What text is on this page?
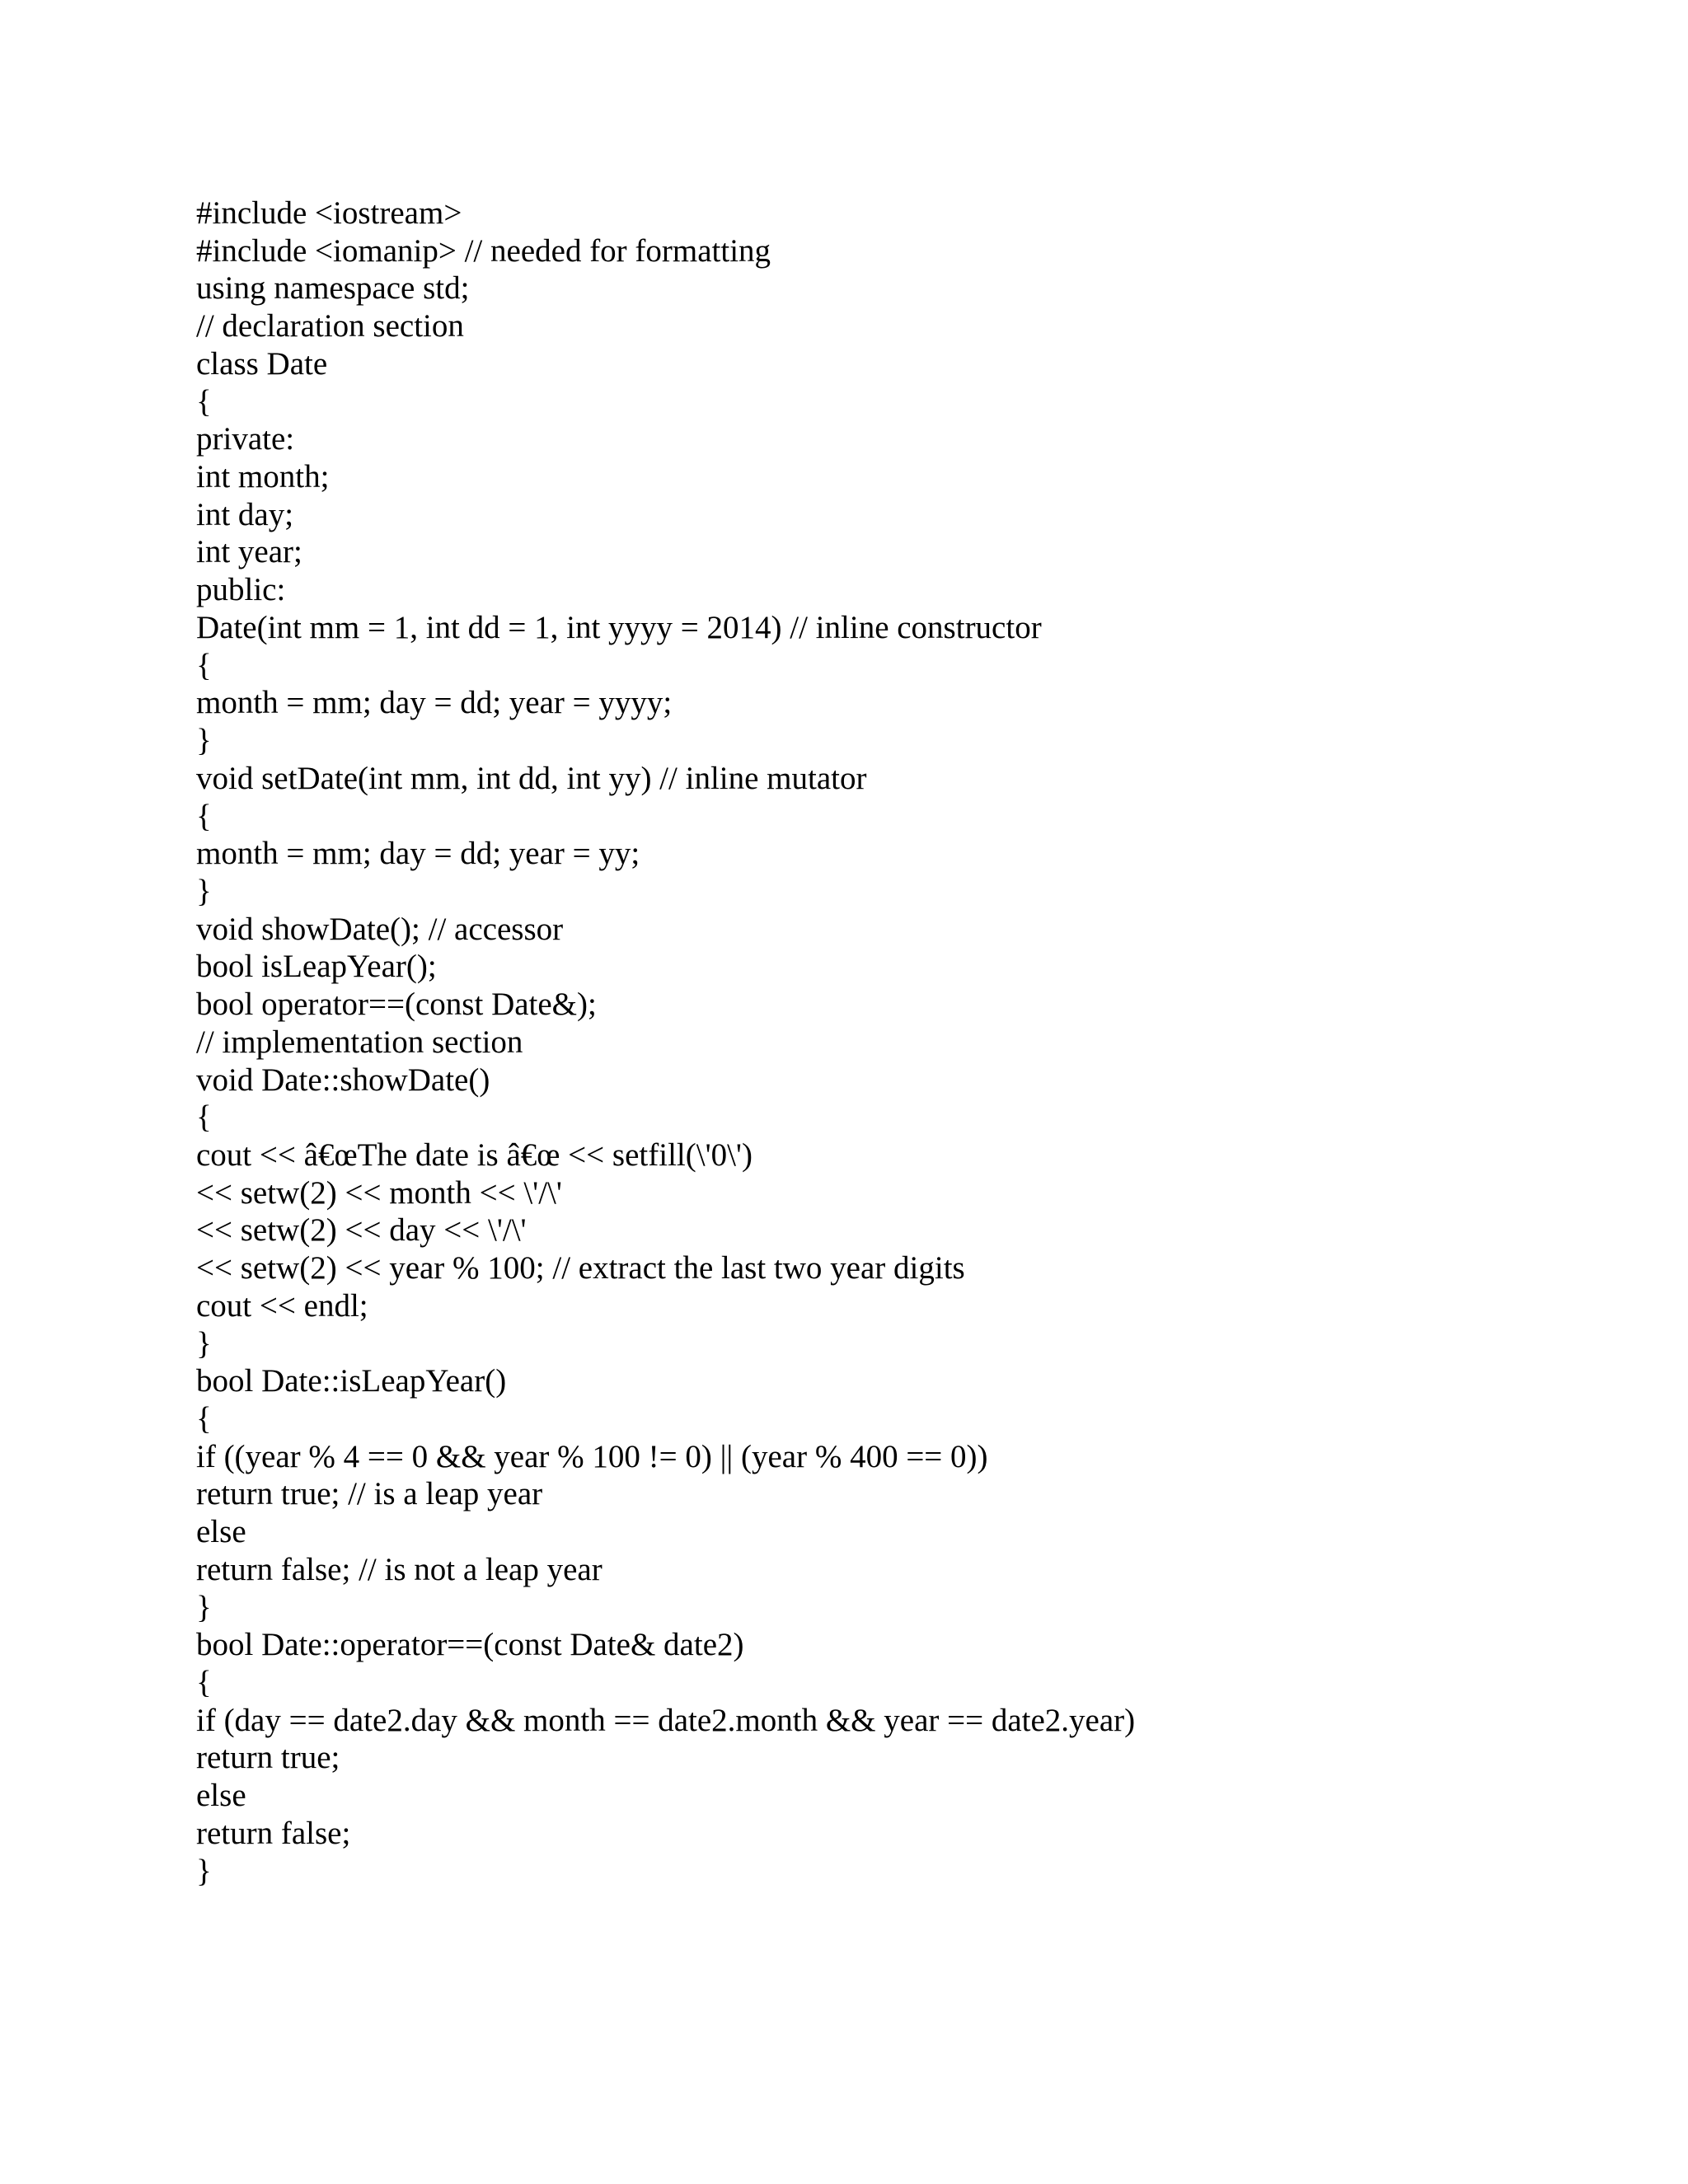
#include <iostream>
#include <iomanip> // needed for formatting
using namespace std;
// declaration section
class Date
{
private:
int month;
int day;
int year;
public:
Date(int mm = 1, int dd = 1, int yyyy = 2014) // inline constructor
{
month = mm; day = dd; year = yyyy;
}
void setDate(int mm, int dd, int yy) // inline mutator
{
month = mm; day = dd; year = yy;
}
void showDate(); // accessor
bool isLeapYear();
bool operator==(const Date&);
// implementation section
void Date::showDate()
{
cout << â€œThe date is â€œ << setfill(\'0\')
<< setw(2) << month << \'/\'
<< setw(2) << day << \'/\'
<< setw(2) << year % 100; // extract the last two year digits
cout << endl;
}
bool Date::isLeapYear()
{
if ((year % 4 == 0 && year % 100 != 0) || (year % 400 == 0))
return true; // is a leap year
else
return false; // is not a leap year
}
bool Date::operator==(const Date& date2)
{
if (day == date2.day && month == date2.month && year == date2.year)
return true;
else
return false;
}
